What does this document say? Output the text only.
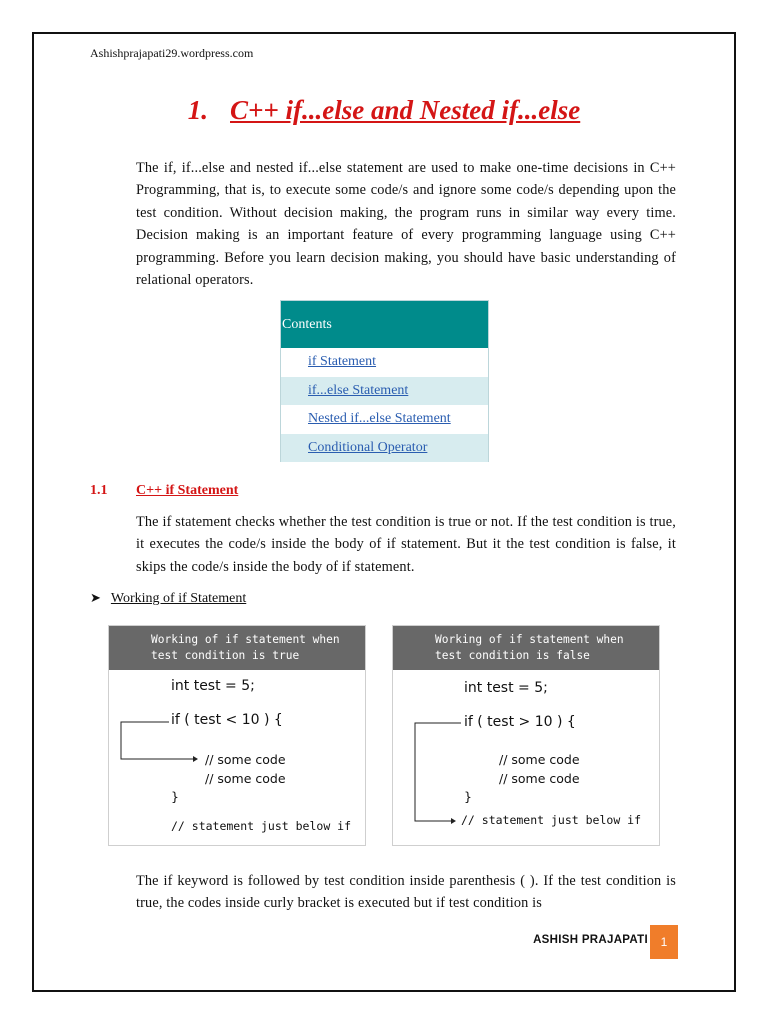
Ashishprajapati29.wordpress.com
1. C++ if...else and Nested if...else

The if, if...else and nested if...else statement are used to make one-time decisions in C++ Programming, that is, to execute some code/s and ignore some code/s depending upon the test condition. Without decision making, the program runs in similar way every time. Decision making is an important feature of every programming language using C++ programming. Before you learn decision making, you should have basic understanding of relational operators.

Contents
if Statement
if...else Statement
Nested if...else Statement
Conditional Operator
1.1 C++ if Statement

The if statement checks whether the test condition is true or not. If the test condition is true, it executes the code/s inside the body of if statement. But it the test condition is false, it skips the code/s inside the body of if statement.

➤ Working of if Statement
Working of if statement when
test condition is true
int test = 5;
if ( test < 10 ) {
// some code
// some code
}
// statement just below if
Working of if statement when
test condition is false
int test = 5;
if ( test > 10 ) {
// some code
// some code
}
// statement just below if

The if keyword is followed by test condition inside parenthesis ( ). If the test condition is true, the codes inside curly bracket is executed but if test condition is

ASHISH PRAJAPATI	1
